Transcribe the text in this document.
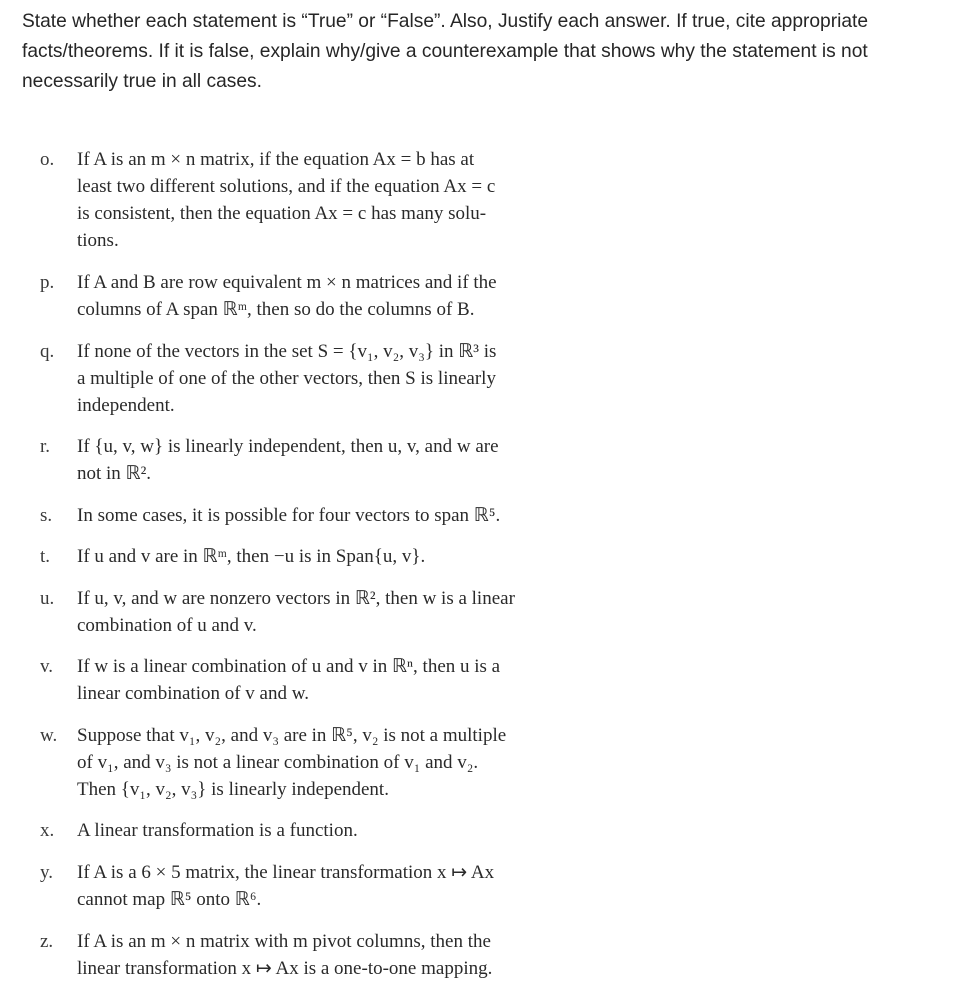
State whether each statement is “True” or “False”. Also, Justify each answer. If true, cite appropriate facts/theorems. If it is false, explain why/give a counterexample that shows why the statement is not necessarily true in all cases.

o. If A is an m × n matrix, if the equation Ax = b has at
least two different solutions, and if the equation Ax = c
is consistent, then the equation Ax = c has many solu-
tions.
p. If A and B are row equivalent m × n matrices and if the
columns of A span ℝᵐ, then so do the columns of B.
q. If none of the vectors in the set S = {v₁, v₂, v₃} in ℝ³ is
a multiple of one of the other vectors, then S is linearly
independent.
r. If {u, v, w} is linearly independent, then u, v, and w are
not in ℝ².
s. In some cases, it is possible for four vectors to span ℝ⁵.
t. If u and v are in ℝᵐ, then −u is in Span{u, v}.
u. If u, v, and w are nonzero vectors in ℝ², then w is a linear
combination of u and v.
v. If w is a linear combination of u and v in ℝⁿ, then u is a
linear combination of v and w.
w. Suppose that v₁, v₂, and v₃ are in ℝ⁵, v₂ is not a multiple
of v₁, and v₃ is not a linear combination of v₁ and v₂.
Then {v₁, v₂, v₃} is linearly independent.
x. A linear transformation is a function.
y. If A is a 6 × 5 matrix, the linear transformation x ↦ Ax
cannot map ℝ⁵ onto ℝ⁶.
z. If A is an m × n matrix with m pivot columns, then the
linear transformation x ↦ Ax is a one-to-one mapping.
